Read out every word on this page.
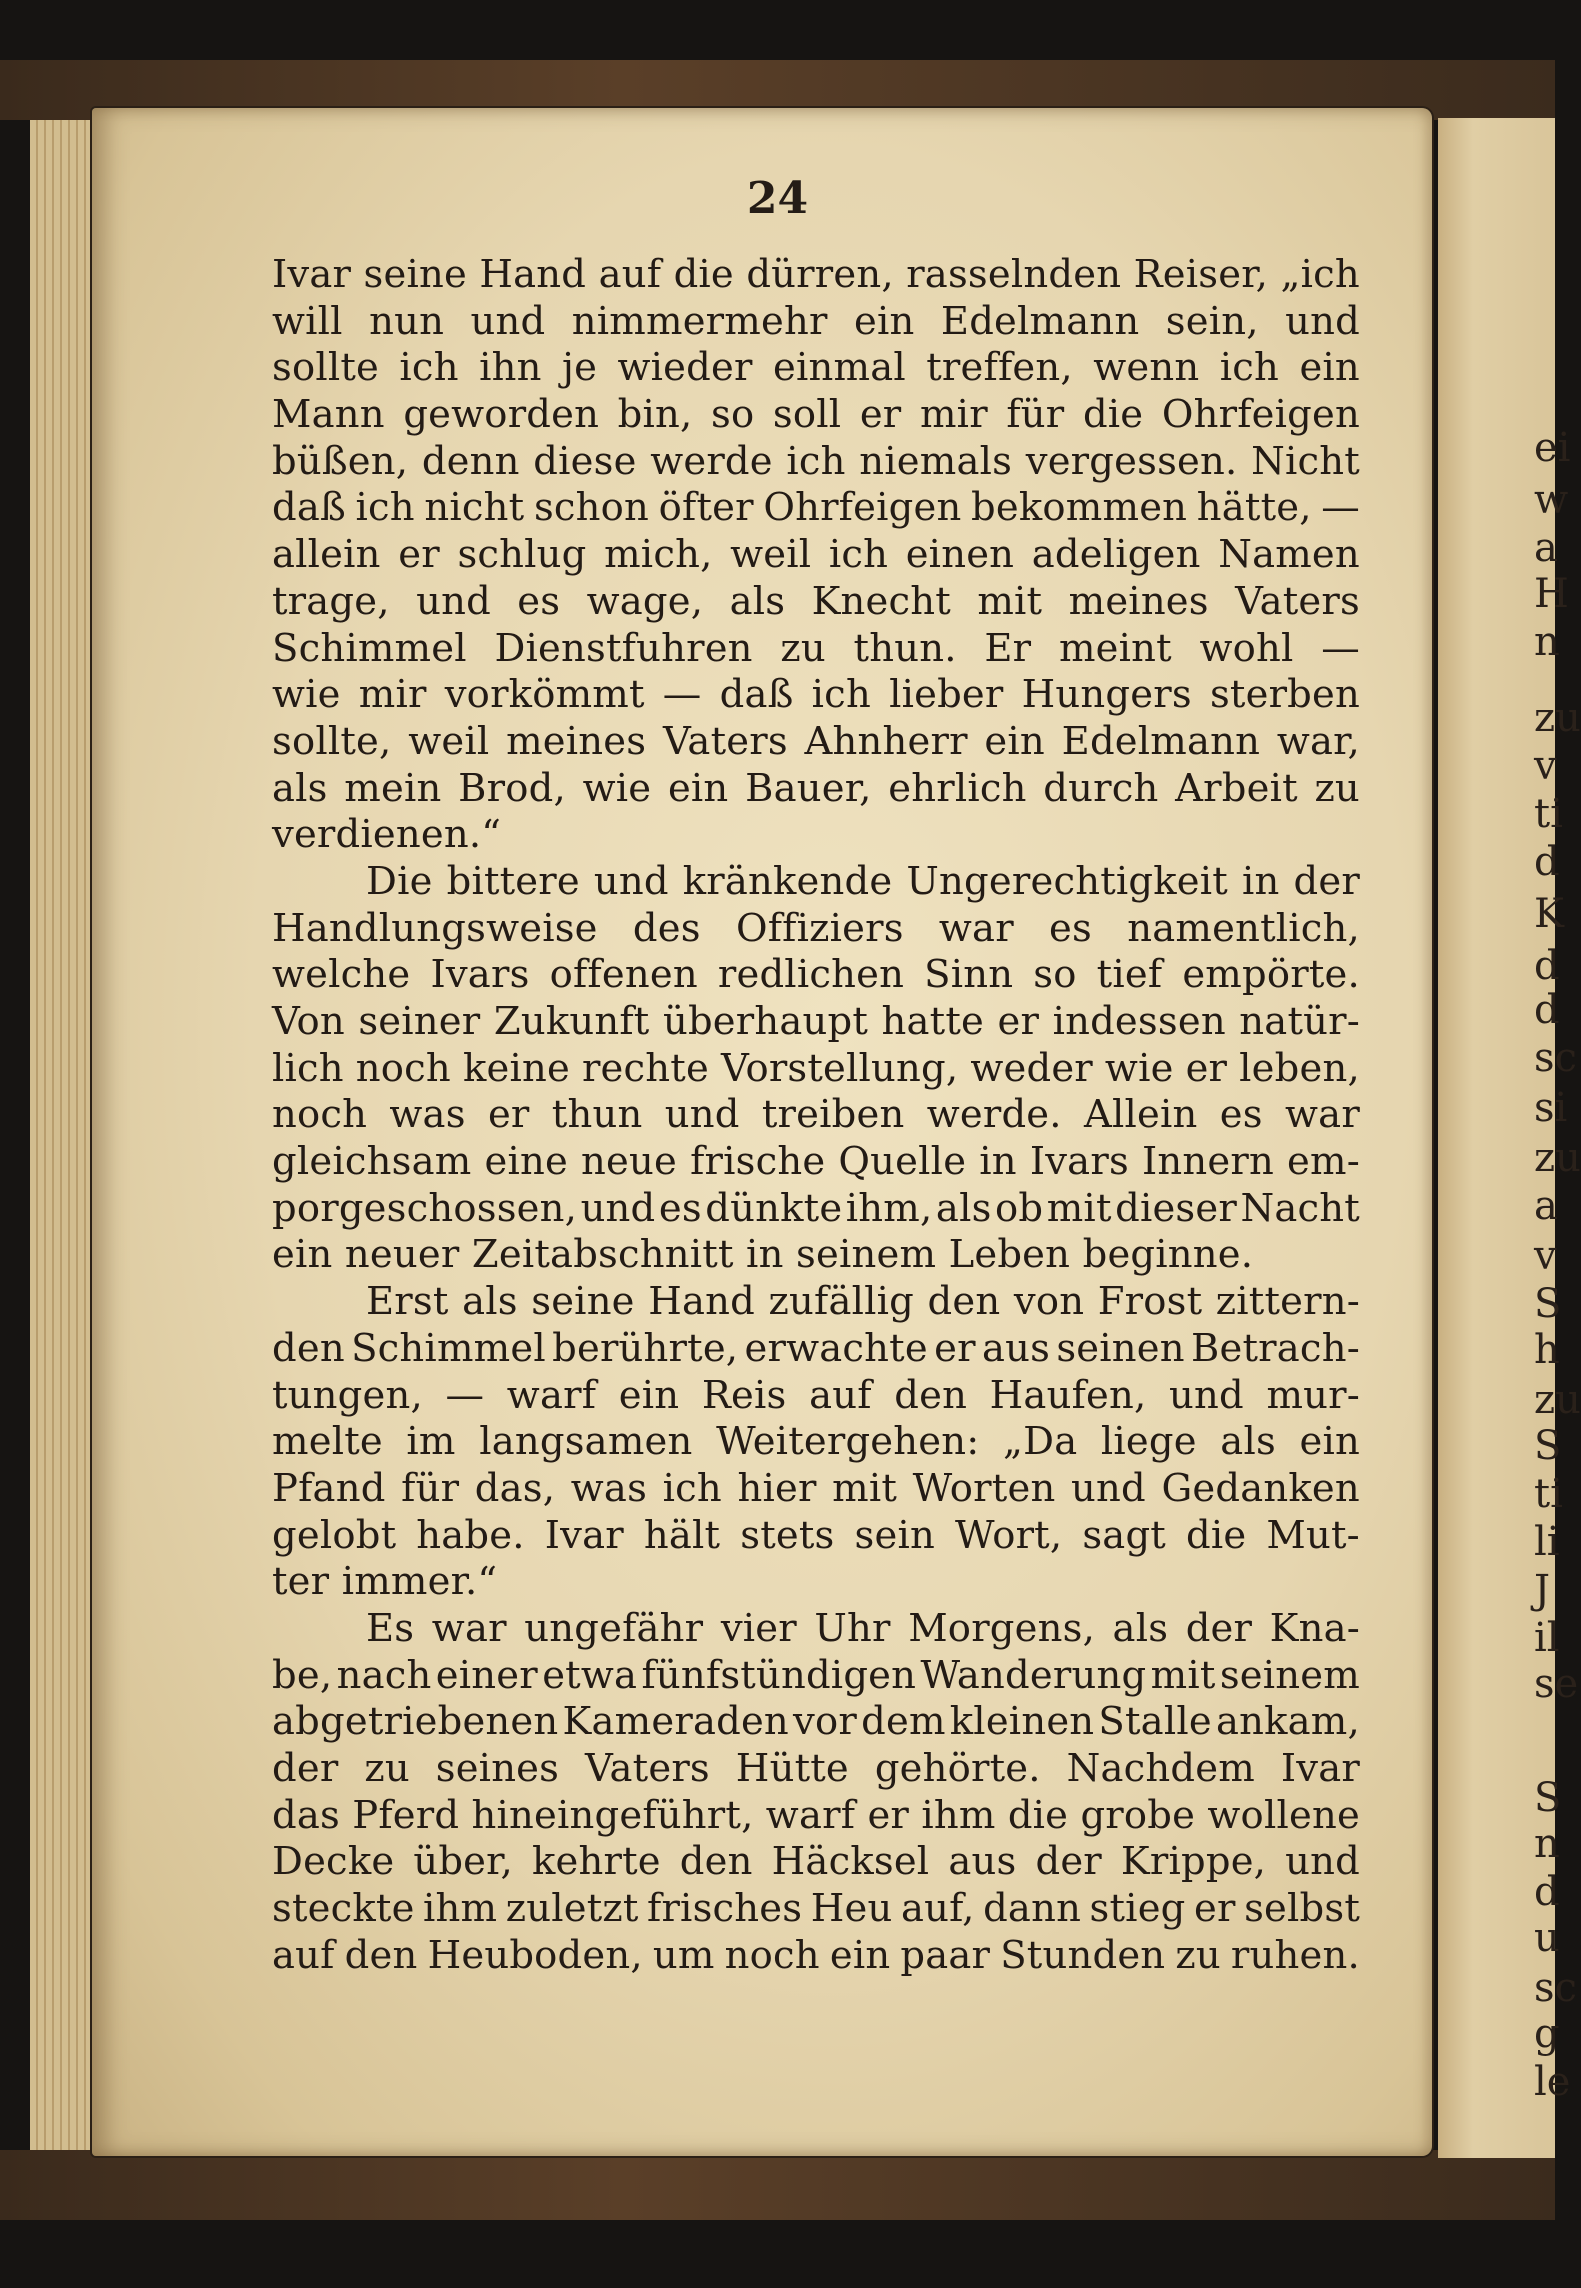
ei
w
a
H
n
zu
v
ti
d
K
d
d
sc
si
zu
a
v
S
h
zu
S
ti
li
J
il
se
S
n
d
u
sc
g
le
24
Ivar seine Hand auf die dürren, rasselnden Reiser, „ich
will nun und nimmermehr ein Edelmann sein, und
sollte ich ihn je wieder einmal treffen, wenn ich ein
Mann geworden bin, so soll er mir für die Ohrfeigen
büßen, denn diese werde ich niemals vergessen. Nicht
daß ich nicht schon öfter Ohrfeigen bekommen hätte, —
allein er schlug mich, weil ich einen adeligen Namen
trage, und es wage, als Knecht mit meines Vaters
Schimmel Dienstfuhren zu thun. Er meint wohl —
wie mir vorkömmt — daß ich lieber Hungers sterben
sollte, weil meines Vaters Ahnherr ein Edelmann war,
als mein Brod, wie ein Bauer, ehrlich durch Arbeit zu
verdienen.“
Die bittere und kränkende Ungerechtigkeit in der
Handlungsweise des Offiziers war es namentlich,
welche Ivars offenen redlichen Sinn so tief empörte.
Von seiner Zukunft überhaupt hatte er indessen natür-
lich noch keine rechte Vorstellung, weder wie er leben,
noch was er thun und treiben werde. Allein es war
gleichsam eine neue frische Quelle in Ivars Innern em-
porgeschossen, und es dünkte ihm, als ob mit dieser Nacht
ein neuer Zeitabschnitt in seinem Leben beginne.
Erst als seine Hand zufällig den von Frost zittern-
den Schimmel berührte, erwachte er aus seinen Betrach-
tungen, — warf ein Reis auf den Haufen, und mur-
melte im langsamen Weitergehen: „Da liege als ein
Pfand für das, was ich hier mit Worten und Gedanken
gelobt habe. Ivar hält stets sein Wort, sagt die Mut-
ter immer.“
Es war ungefähr vier Uhr Morgens, als der Kna-
be, nach einer etwa fünfstündigen Wanderung mit seinem
abgetriebenen Kameraden vor dem kleinen Stalle ankam,
der zu seines Vaters Hütte gehörte. Nachdem Ivar
das Pferd hineingeführt, warf er ihm die grobe wollene
Decke über, kehrte den Häcksel aus der Krippe, und
steckte ihm zuletzt frisches Heu auf, dann stieg er selbst
auf den Heuboden, um noch ein paar Stunden zu ruhen.
